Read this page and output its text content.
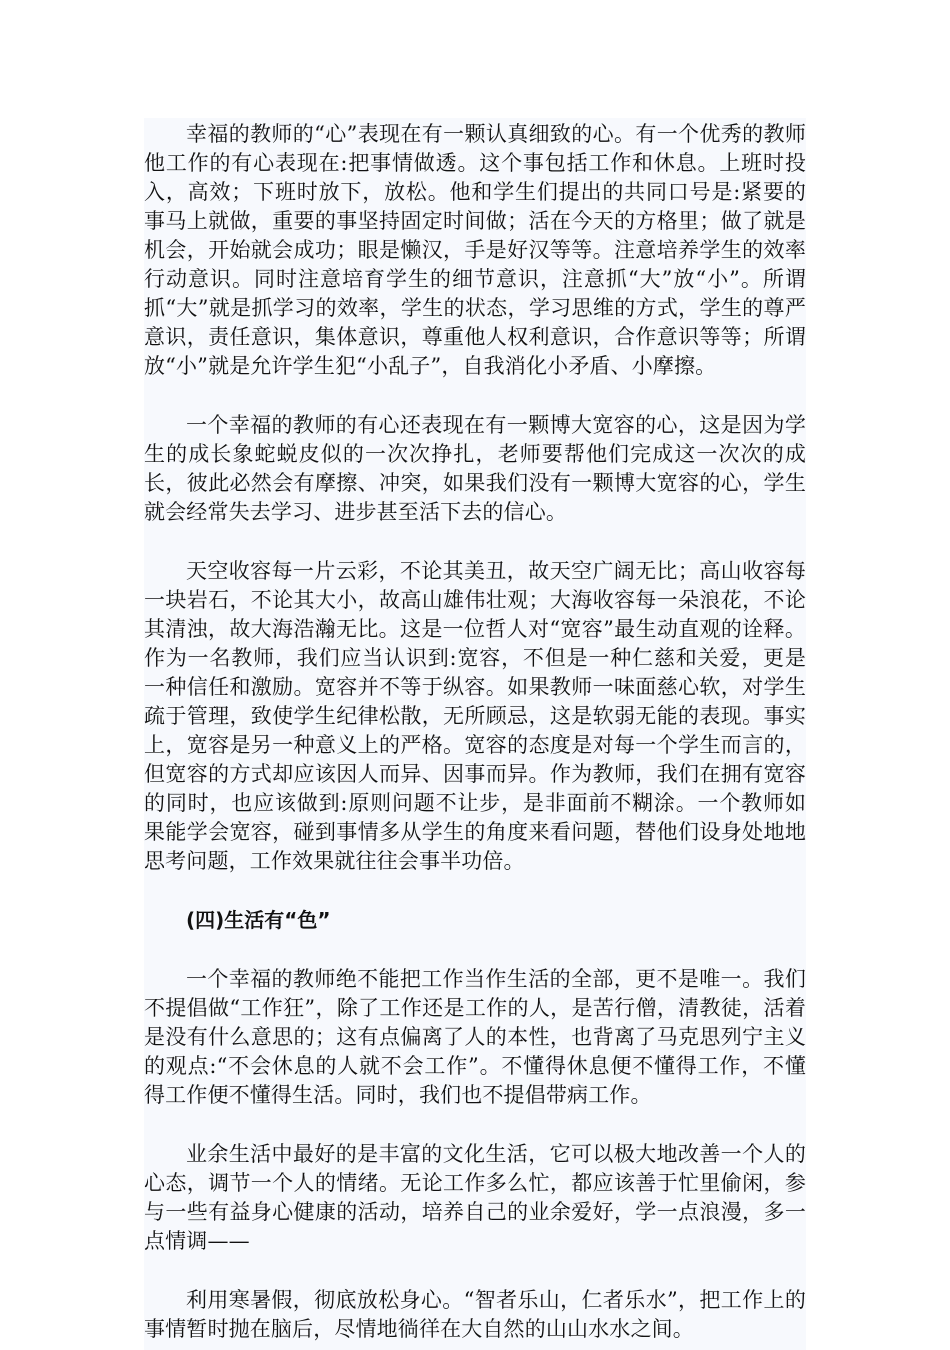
幸福的教师的“心”表现在有一颗认真细致的心。有一个优秀的教师他工作的有心表现在:把事情做透。这个事包括工作和休息。上班时投入，高效；下班时放下，放松。他和学生们提出的共同口号是:紧要的事马上就做，重要的事坚持固定时间做；活在今天的方格里；做了就是机会，开始就会成功；眼是懒汉，手是好汉等等。注意培养学生的效率行动意识。同时注意培育学生的细节意识，注意抓“大”放“小”。所谓抓“大”就是抓学习的效率，学生的状态，学习思维的方式，学生的尊严意识，责任意识，集体意识，尊重他人权利意识，合作意识等等；所谓放“小”就是允许学生犯“小乱子”，自我消化小矛盾、小摩擦。

一个幸福的教师的有心还表现在有一颗博大宽容的心，这是因为学生的成长象蛇蜕皮似的一次次挣扎，老师要帮他们完成这一次次的成长，彼此必然会有摩擦、冲突，如果我们没有一颗博大宽容的心，学生就会经常失去学习、进步甚至活下去的信心。

天空收容每一片云彩，不论其美丑，故天空广阔无比；高山收容每一块岩石，不论其大小，故高山雄伟壮观；大海收容每一朵浪花，不论其清浊，故大海浩瀚无比。这是一位哲人对“宽容”最生动直观的诠释。作为一名教师，我们应当认识到:宽容，不但是一种仁慈和关爱，更是一种信任和激励。宽容并不等于纵容。如果教师一味面慈心软，对学生疏于管理，致使学生纪律松散，无所顾忌，这是软弱无能的表现。事实上，宽容是另一种意义上的严格。宽容的态度是对每一个学生而言的，但宽容的方式却应该因人而异、因事而异。作为教师，我们在拥有宽容的同时，也应该做到:原则问题不让步，是非面前不糊涂。一个教师如果能学会宽容，碰到事情多从学生的角度来看问题，替他们设身处地地思考问题，工作效果就往往会事半功倍。

(四)生活有“色”

一个幸福的教师绝不能把工作当作生活的全部，更不是唯一。我们不提倡做“工作狂”，除了工作还是工作的人，是苦行僧，清教徒，活着是没有什么意思的；这有点偏离了人的本性，也背离了马克思列宁主义的观点:“不会休息的人就不会工作”。不懂得休息便不懂得工作，不懂得工作便不懂得生活。同时，我们也不提倡带病工作。

业余生活中最好的是丰富的文化生活，它可以极大地改善一个人的心态，调节一个人的情绪。无论工作多么忙，都应该善于忙里偷闲，参与一些有益身心健康的活动，培养自己的业余爱好，学一点浪漫，多一点情调——

利用寒暑假，彻底放松身心。“智者乐山，仁者乐水”，把工作上的事情暂时抛在脑后，尽情地徜徉在大自然的山山水水之间。
